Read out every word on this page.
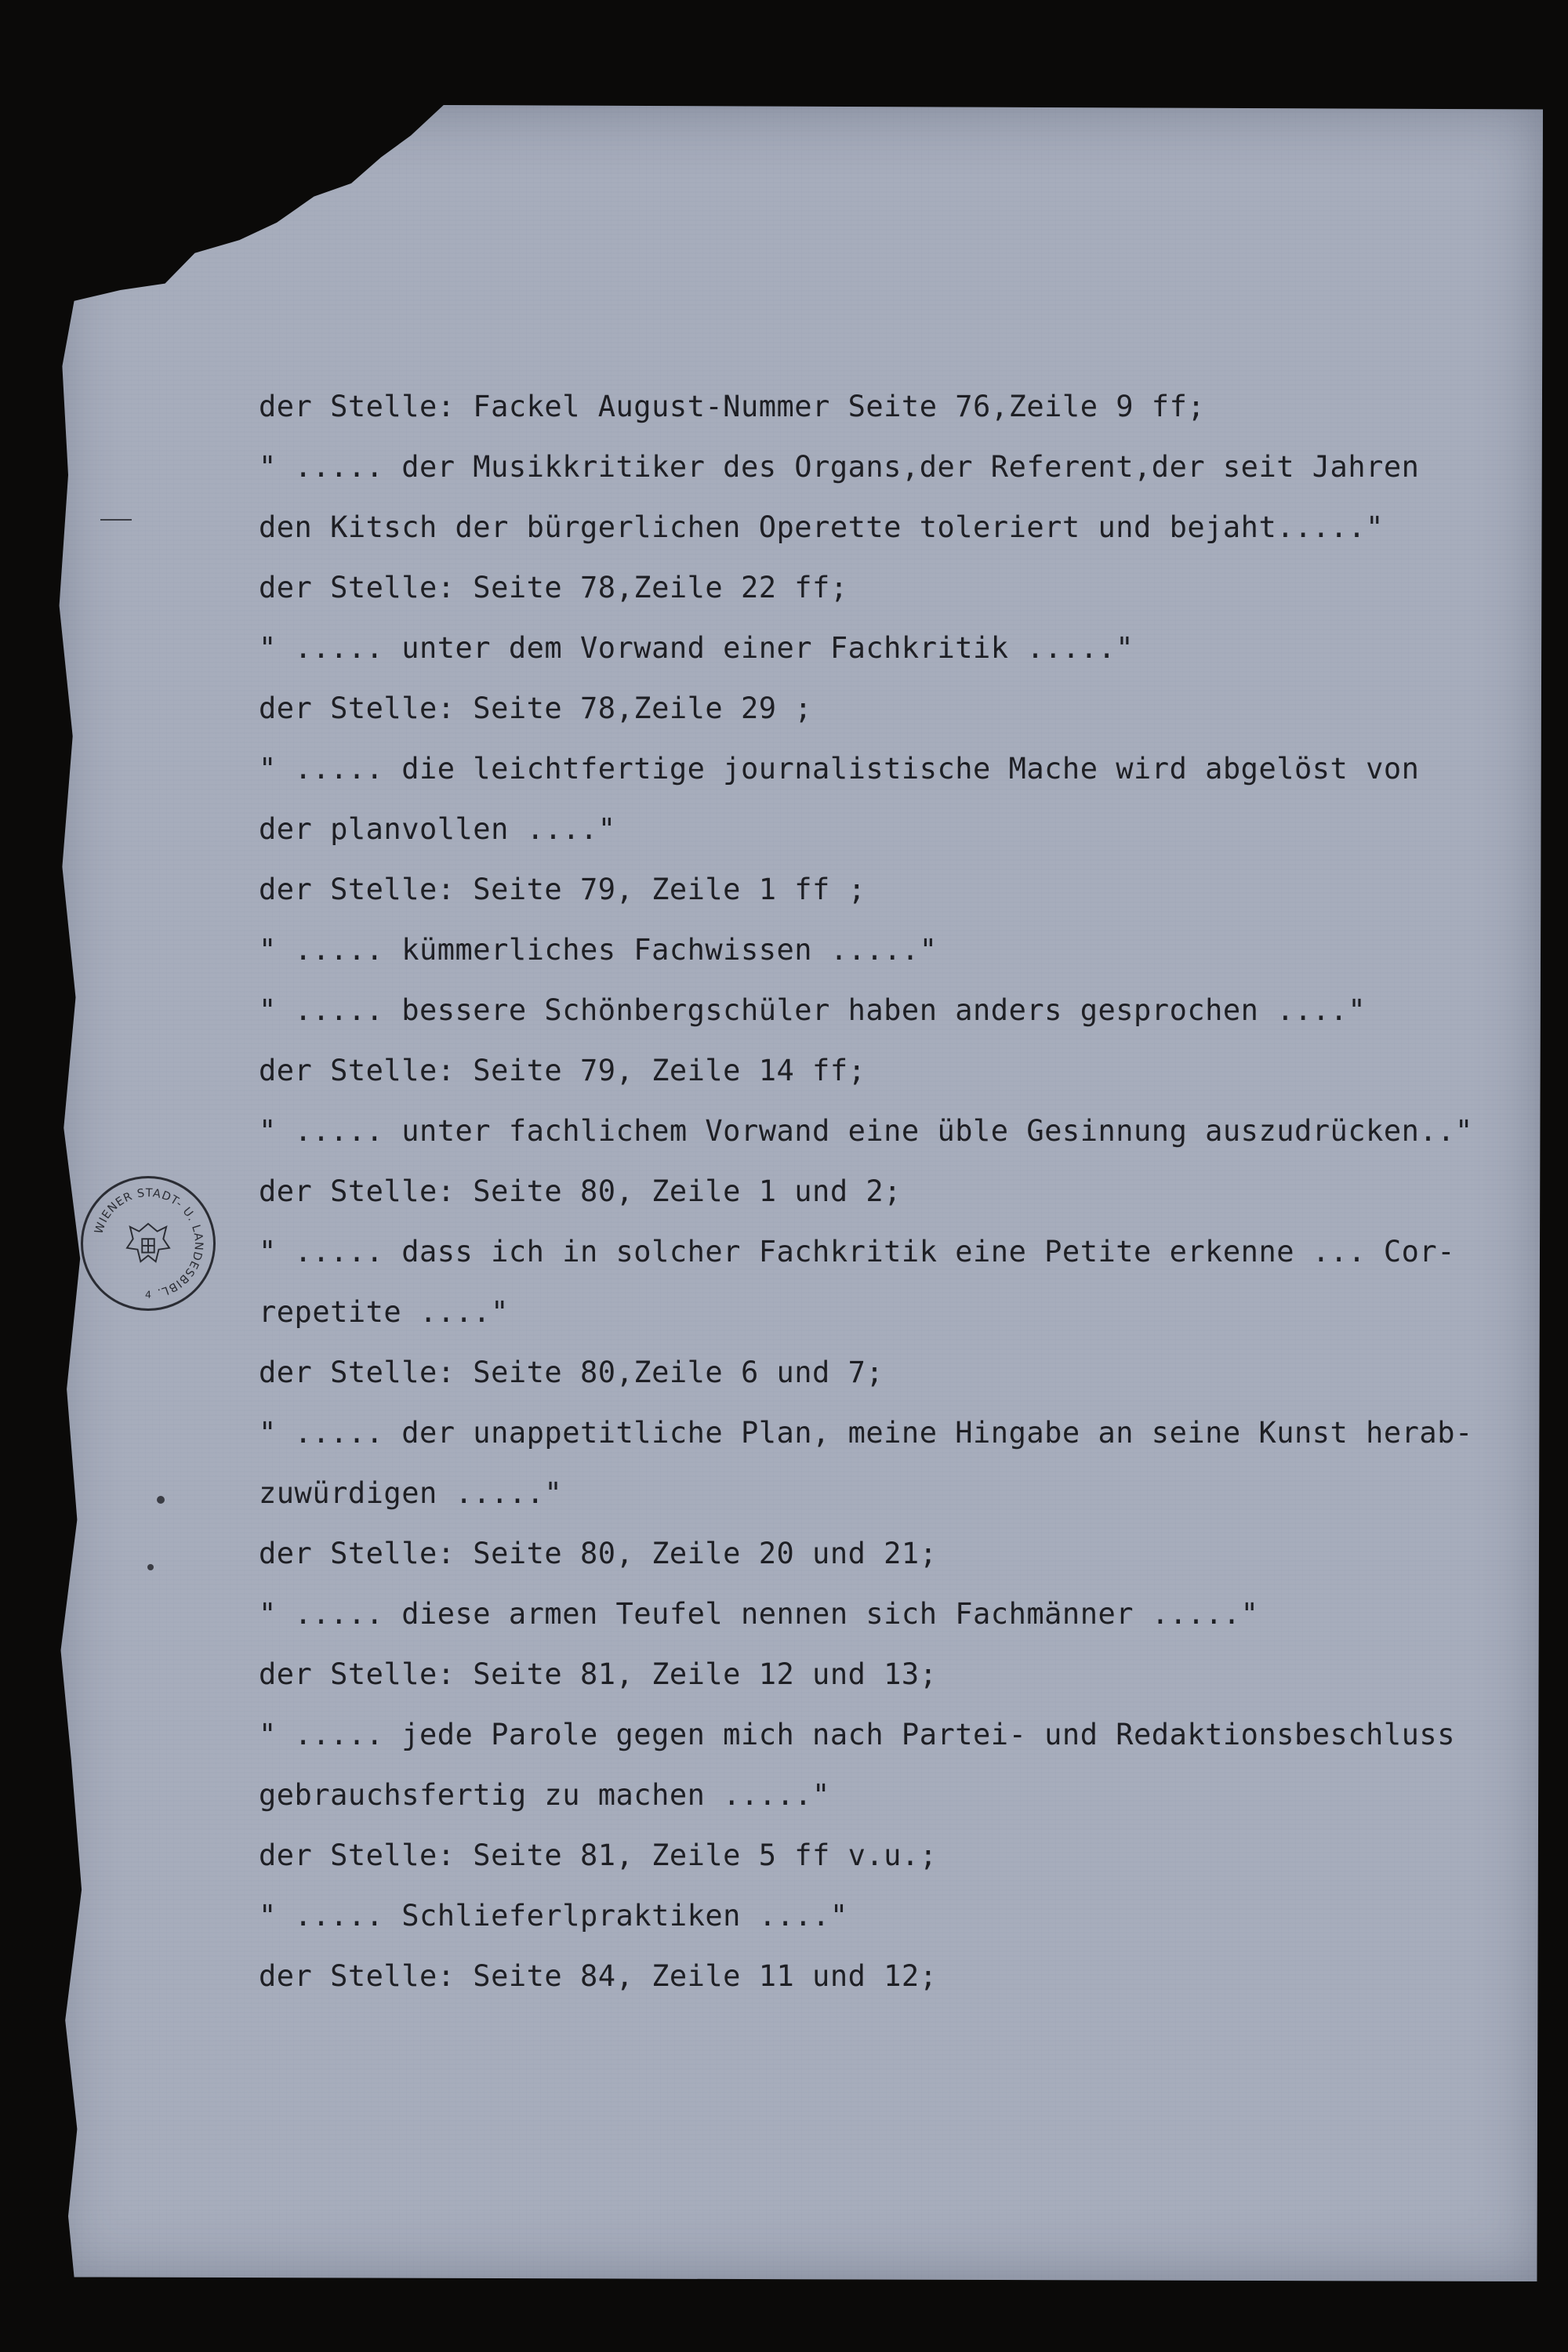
WIENER STADT- U. LANDESBIBL.
4
der Stelle: Fackel August-Nummer Seite 76,Zeile 9 ff;
" ..... der Musikkritiker des Organs,der Referent,der seit Jahren
den Kitsch der bürgerlichen Operette toleriert und bejaht....."
der Stelle: Seite 78,Zeile 22 ff;
" ..... unter dem Vorwand einer Fachkritik ....."
der Stelle: Seite 78,Zeile 29 ;
" ..... die leichtfertige journalistische Mache wird abgelöst von
der planvollen ...."
der Stelle: Seite 79, Zeile 1 ff ;
" ..... kümmerliches Fachwissen ....."
" ..... bessere Schönbergschüler haben anders gesprochen ...."
der Stelle: Seite 79, Zeile 14 ff;
" ..... unter fachlichem Vorwand eine üble Gesinnung auszudrücken.."
der Stelle: Seite 80, Zeile 1 und 2;
" ..... dass ich in solcher Fachkritik eine Petite erkenne ... Cor-
repetite ...."
der Stelle: Seite 80,Zeile 6 und 7;
" ..... der unappetitliche Plan, meine Hingabe an seine Kunst herab-
zuwürdigen ....."
der Stelle: Seite 80, Zeile 20 und 21;
" ..... diese armen Teufel nennen sich Fachmänner ....."
der Stelle: Seite 81, Zeile 12 und 13;
" ..... jede Parole gegen mich nach Partei- und Redaktionsbeschluss
gebrauchsfertig zu machen ....."
der Stelle: Seite 81, Zeile 5 ff v.u.;
" ..... Schlieferlpraktiken ...."
der Stelle: Seite 84, Zeile 11 und 12;
